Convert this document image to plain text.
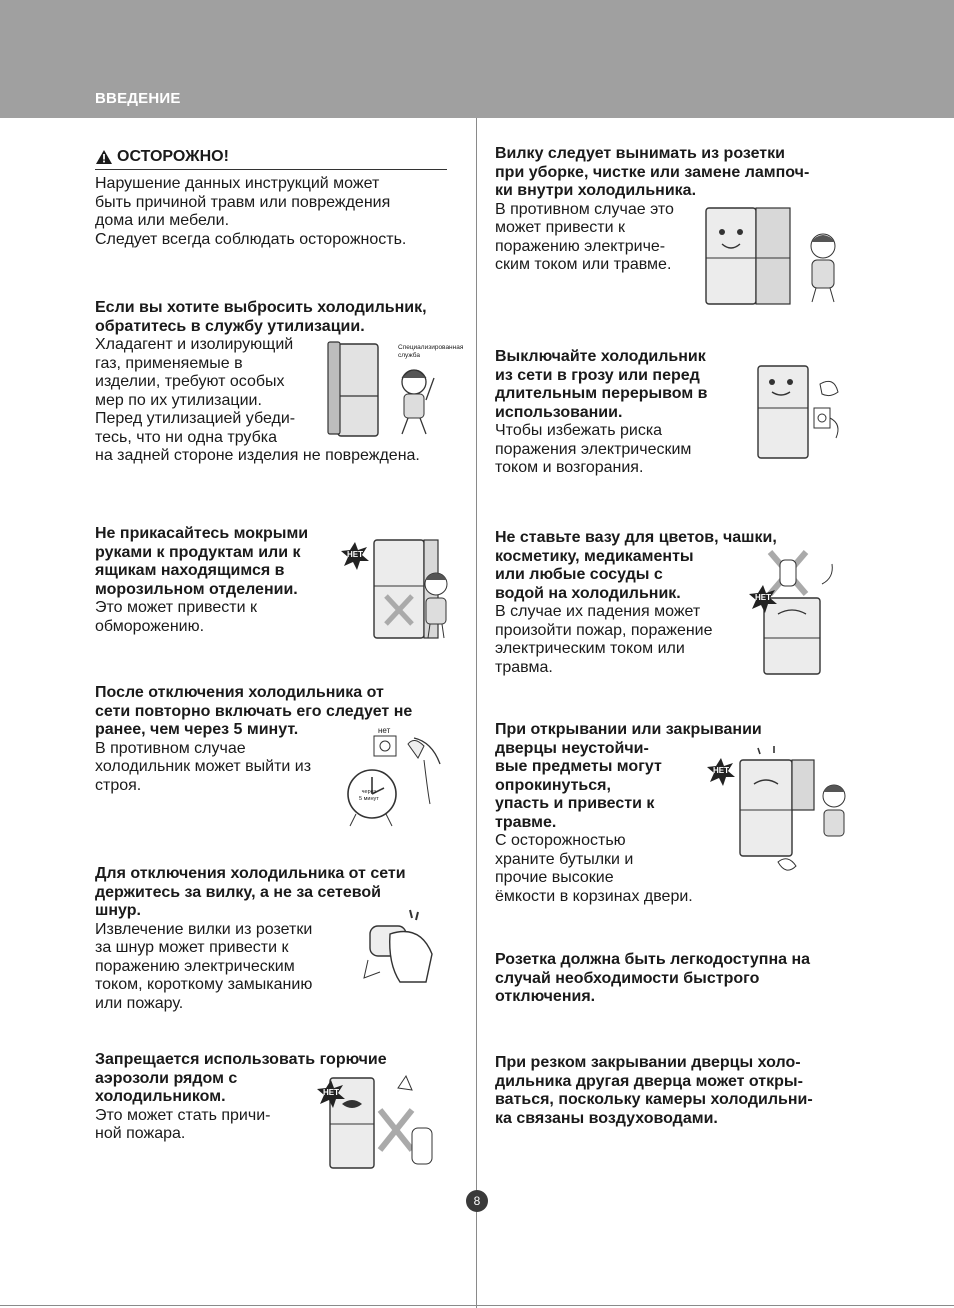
ВВЕДЕНИЕ
ОСТОРОЖНО!
Нарушение данных инструкций может
быть причиной травм или повреждения
дома или мебели.
Следует всегда соблюдать осторожность.
Если вы хотите выбросить холодильник,
обратитесь в службу утилизации.
Хладагент и изолирующий
газ, применяемые в
изделии, требуют особых
мер по их утилизации.
Перед утилизацией убеди-
тесь, что ни одна трубка
на задней стороне изделия не повреждена.
Специализированная
служба
Не прикасайтесь мокрыми
руками к продуктам или к
ящикам находящимся в
морозильном отделении.
Это может привести к
обморожению.
НЕТ
После отключения холодильника от
сети повторно включать его следует не
ранее, чем через 5 минут.
В противном случае
холодильник может выйти из
строя.
нет
через
5 минут
Для отключения холодильника от сети
держитесь за вилку, а не за сетевой
шнур.
Извлечение вилки из розетки
за шнур может привести к
поражению электрическим
током, короткому замыканию
или пожару.
Запрещается использовать горючие
аэрозоли рядом с
холодильником.
Это может стать причи-
ной пожара.
НЕТ
Вилку следует вынимать из розетки
при уборке, чистке или замене лампоч-
ки внутри холодильника.
В противном случае это
может привести к
поражению электриче-
ским током или травме.
Выключайте холодильник
из сети в грозу или перед
длительным перерывом в
использовании.
Чтобы избежать риска
поражения электрическим
током и возгорания.
Не ставьте вазу для цветов, чашки,
косметику, медикаменты
или любые сосуды с
водой на холодильник.
В случае их падения может
произойти пожар, поражение
электрическим током или
травма.
НЕТ
При открывании или закрывании
дверцы неустойчи-
вые предметы могут
опрокинуться,
упасть и привести к
травме.
С осторожностью
храните бутылки и
прочие высокие
ёмкости в корзинах двери.
НЕТ
Розетка должна быть легкодоступна на
случай необходимости быстрого
отключения.
При резком закрывании дверцы холо-
дильника другая дверца может откры-
ваться, поскольку камеры холодильни-
ка связаны воздуховодами.
8
